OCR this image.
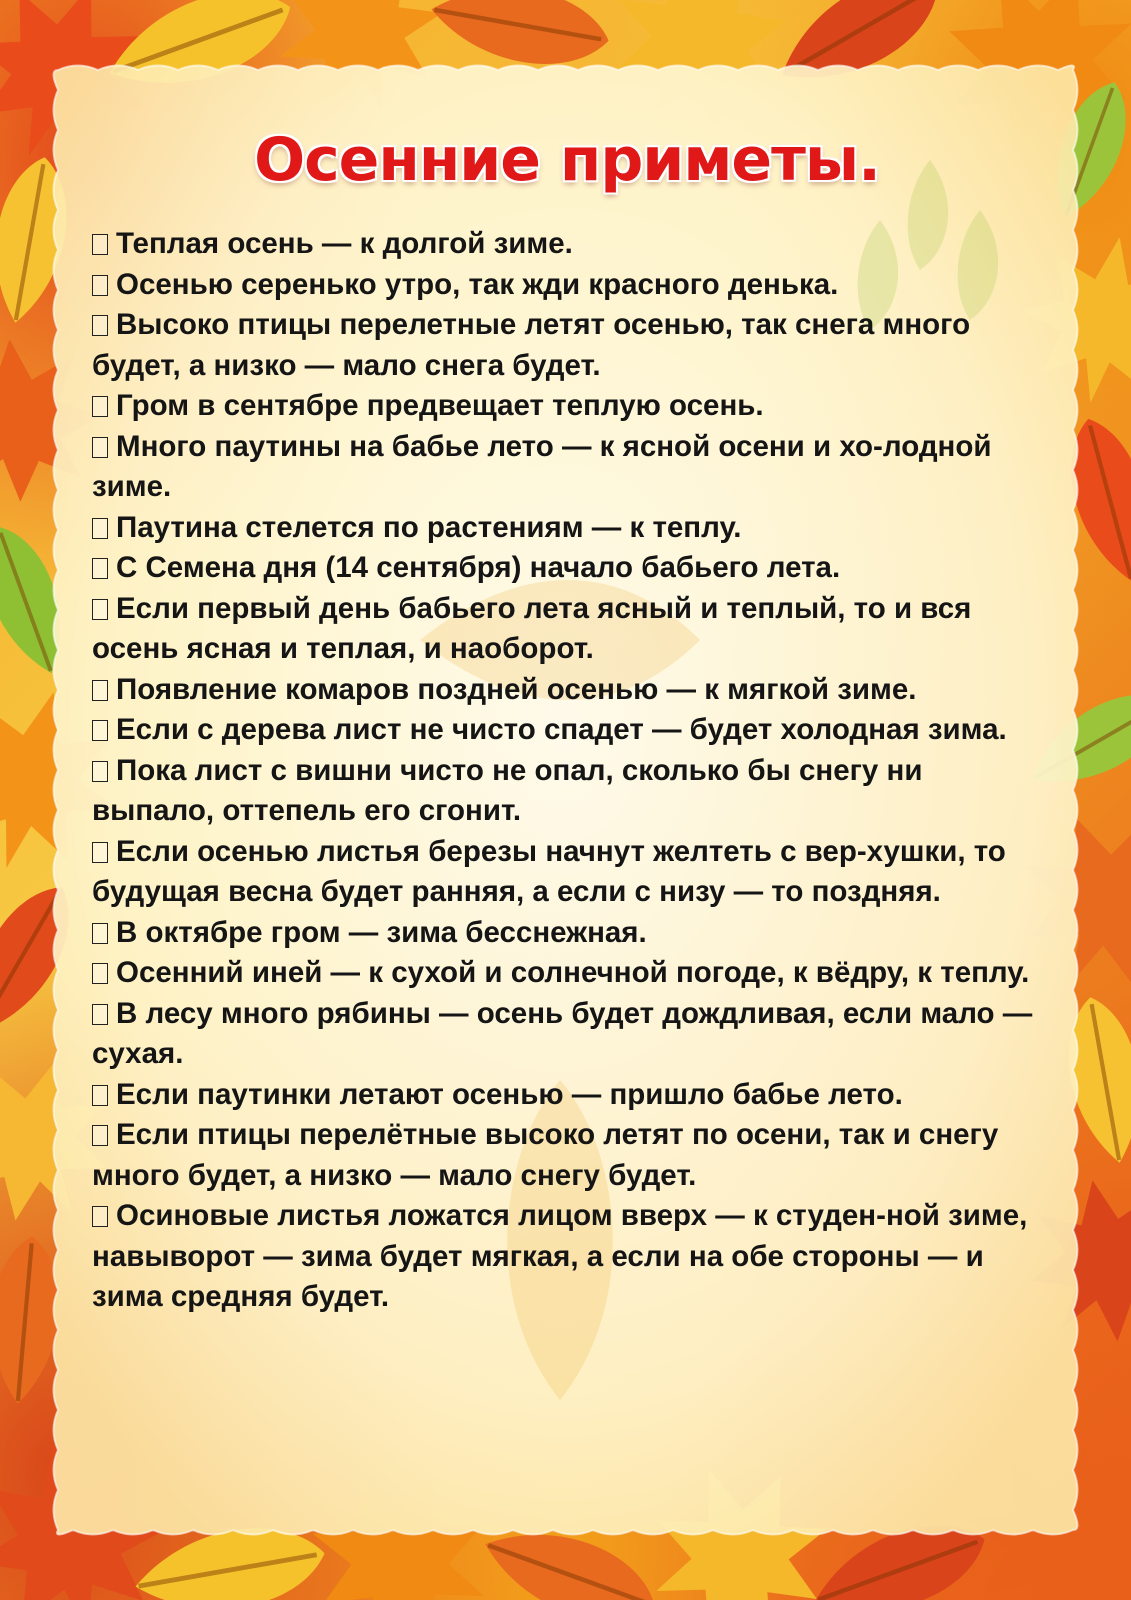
Осенние приметы.
Теплая осень — к долгой зиме.
Осенью серенько утро, так жди красного денька.
Высоко птицы перелетные летят осенью, так снега много будет, а низко — мало снега будет.
Гром в сентябре предвещает теплую осень.
Много паутины на бабье лето — к ясной осени и хо-лодной зиме.
Паутина стелется по растениям — к теплу.
С Семена дня (14 сентября) начало бабьего лета.
Если первый день бабьего лета ясный и теплый, то и вся осень ясная и теплая, и наоборот.
Появление комаров поздней осенью — к мягкой зиме.
Если с дерева лист не чисто спадет — будет холодная зима.
Пока лист с вишни чисто не опал, сколько бы снегу ни выпало, оттепель его сгонит.
Если осенью листья березы начнут желтеть с вер-хушки, то будущая весна будет ранняя, а если с низу — то поздняя.
В октябре гром — зима бесснежная.
Осенний иней — к сухой и солнечной погоде, к вёдру, к теплу.
В лесу много рябины — осень будет дождливая, если мало — сухая.
Если паутинки летают осенью — пришло бабье лето.
Если птицы перелётные высоко летят по осени, так и снегу много будет, а низко — мало снегу будет.
Осиновые листья ложатся лицом вверх — к студен-ной зиме, навыворот — зима будет мягкая, а если на обе стороны — и зима средняя будет.
